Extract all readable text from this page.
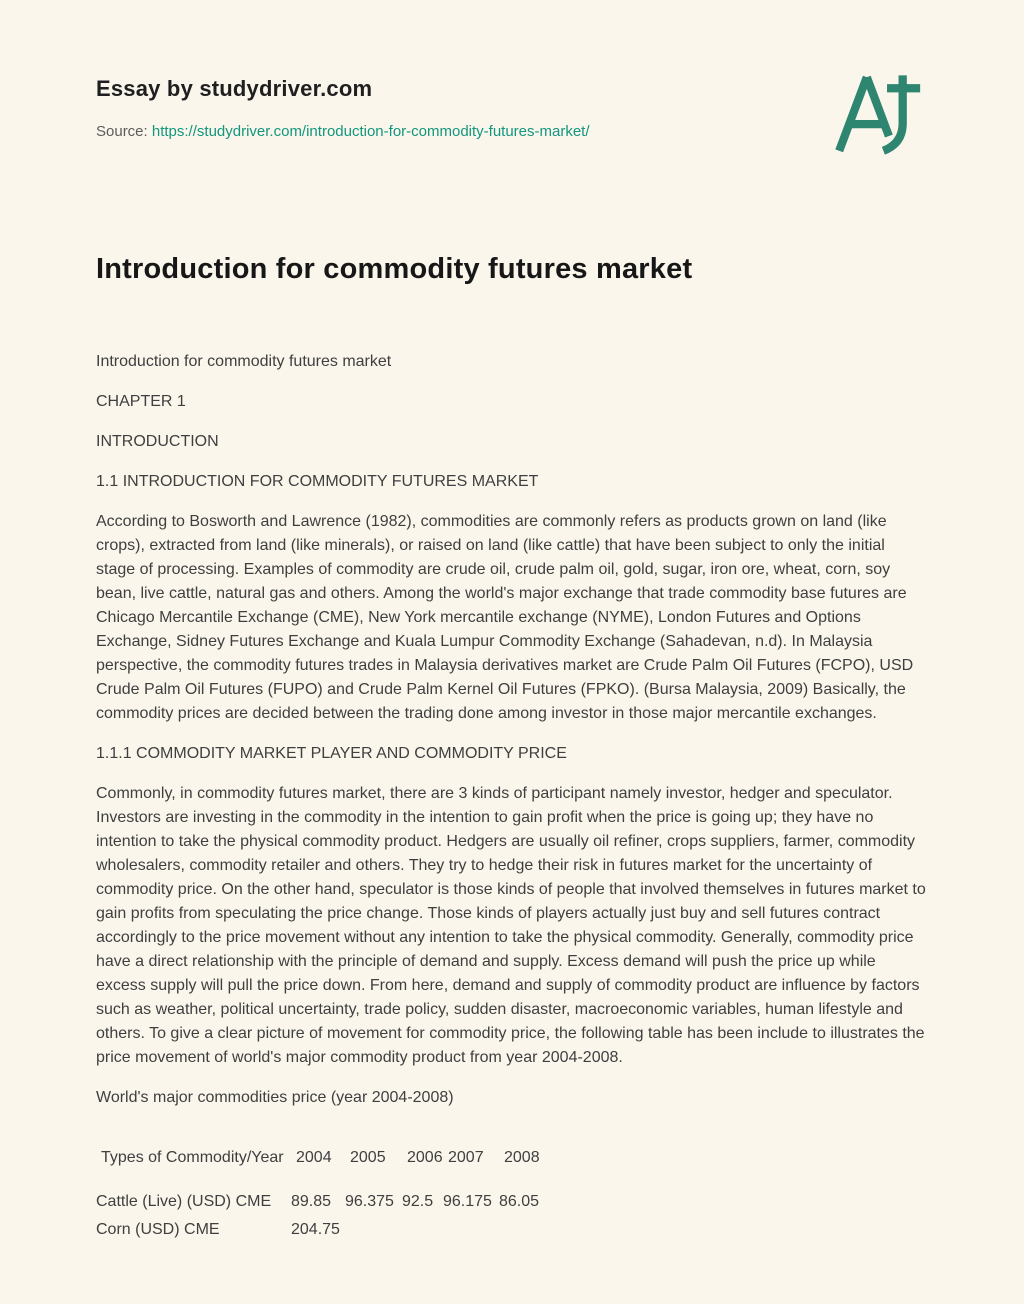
Essay by studydriver.com
Source: https://studydriver.com/introduction-for-commodity-futures-market/
Introduction for commodity futures market

Introduction for commodity futures market

CHAPTER 1

INTRODUCTION

1.1 INTRODUCTION FOR COMMODITY FUTURES MARKET

According to Bosworth and Lawrence (1982), commodities are commonly refers as products grown on land (like crops), extracted from land (like minerals), or raised on land (like cattle) that have been subject to only the initial stage of processing. Examples of commodity are crude oil, crude palm oil, gold, sugar, iron ore, wheat, corn, soy bean, live cattle, natural gas and others. Among the world's major exchange that trade commodity base futures are Chicago Mercantile Exchange (CME), New York mercantile exchange (NYME), London Futures and Options Exchange, Sidney Futures Exchange and Kuala Lumpur Commodity Exchange (Sahadevan, n.d). In Malaysia perspective, the commodity futures trades in Malaysia derivatives market are Crude Palm Oil Futures (FCPO), USD Crude Palm Oil Futures (FUPO) and Crude Palm Kernel Oil Futures (FPKO). (Bursa Malaysia, 2009) Basically, the commodity prices are decided between the trading done among investor in those major mercantile exchanges.

1.1.1 COMMODITY MARKET PLAYER AND COMMODITY PRICE

Commonly, in commodity futures market, there are 3 kinds of participant namely investor, hedger and speculator. Investors are investing in the commodity in the intention to gain profit when the price is going up; they have no intention to take the physical commodity product. Hedgers are usually oil refiner, crops suppliers, farmer, commodity wholesalers, commodity retailer and others. They try to hedge their risk in futures market for the uncertainty of commodity price. On the other hand, speculator is those kinds of people that involved themselves in futures market to gain profits from speculating the price change. Those kinds of players actually just buy and sell futures contract accordingly to the price movement without any intention to take the physical commodity. Generally, commodity price have a direct relationship with the principle of demand and supply. Excess demand will push the price up while excess supply will pull the price down. From here, demand and supply of commodity product are influence by factors such as weather, political uncertainty, trade policy, sudden disaster, macroeconomic variables, human lifestyle and others. To give a clear picture of movement for commodity price, the following table has been include to illustrates the price movement of world's major commodity product from year 2004-2008.

World's major commodities price (year 2004-2008)

Types of Commodity/Year 2004	2005	2006 2007	2008
Cattle (Live) (USD) CME	89.85 96.375 92.5 96.175 86.05
Corn (USD) CME	204.75
